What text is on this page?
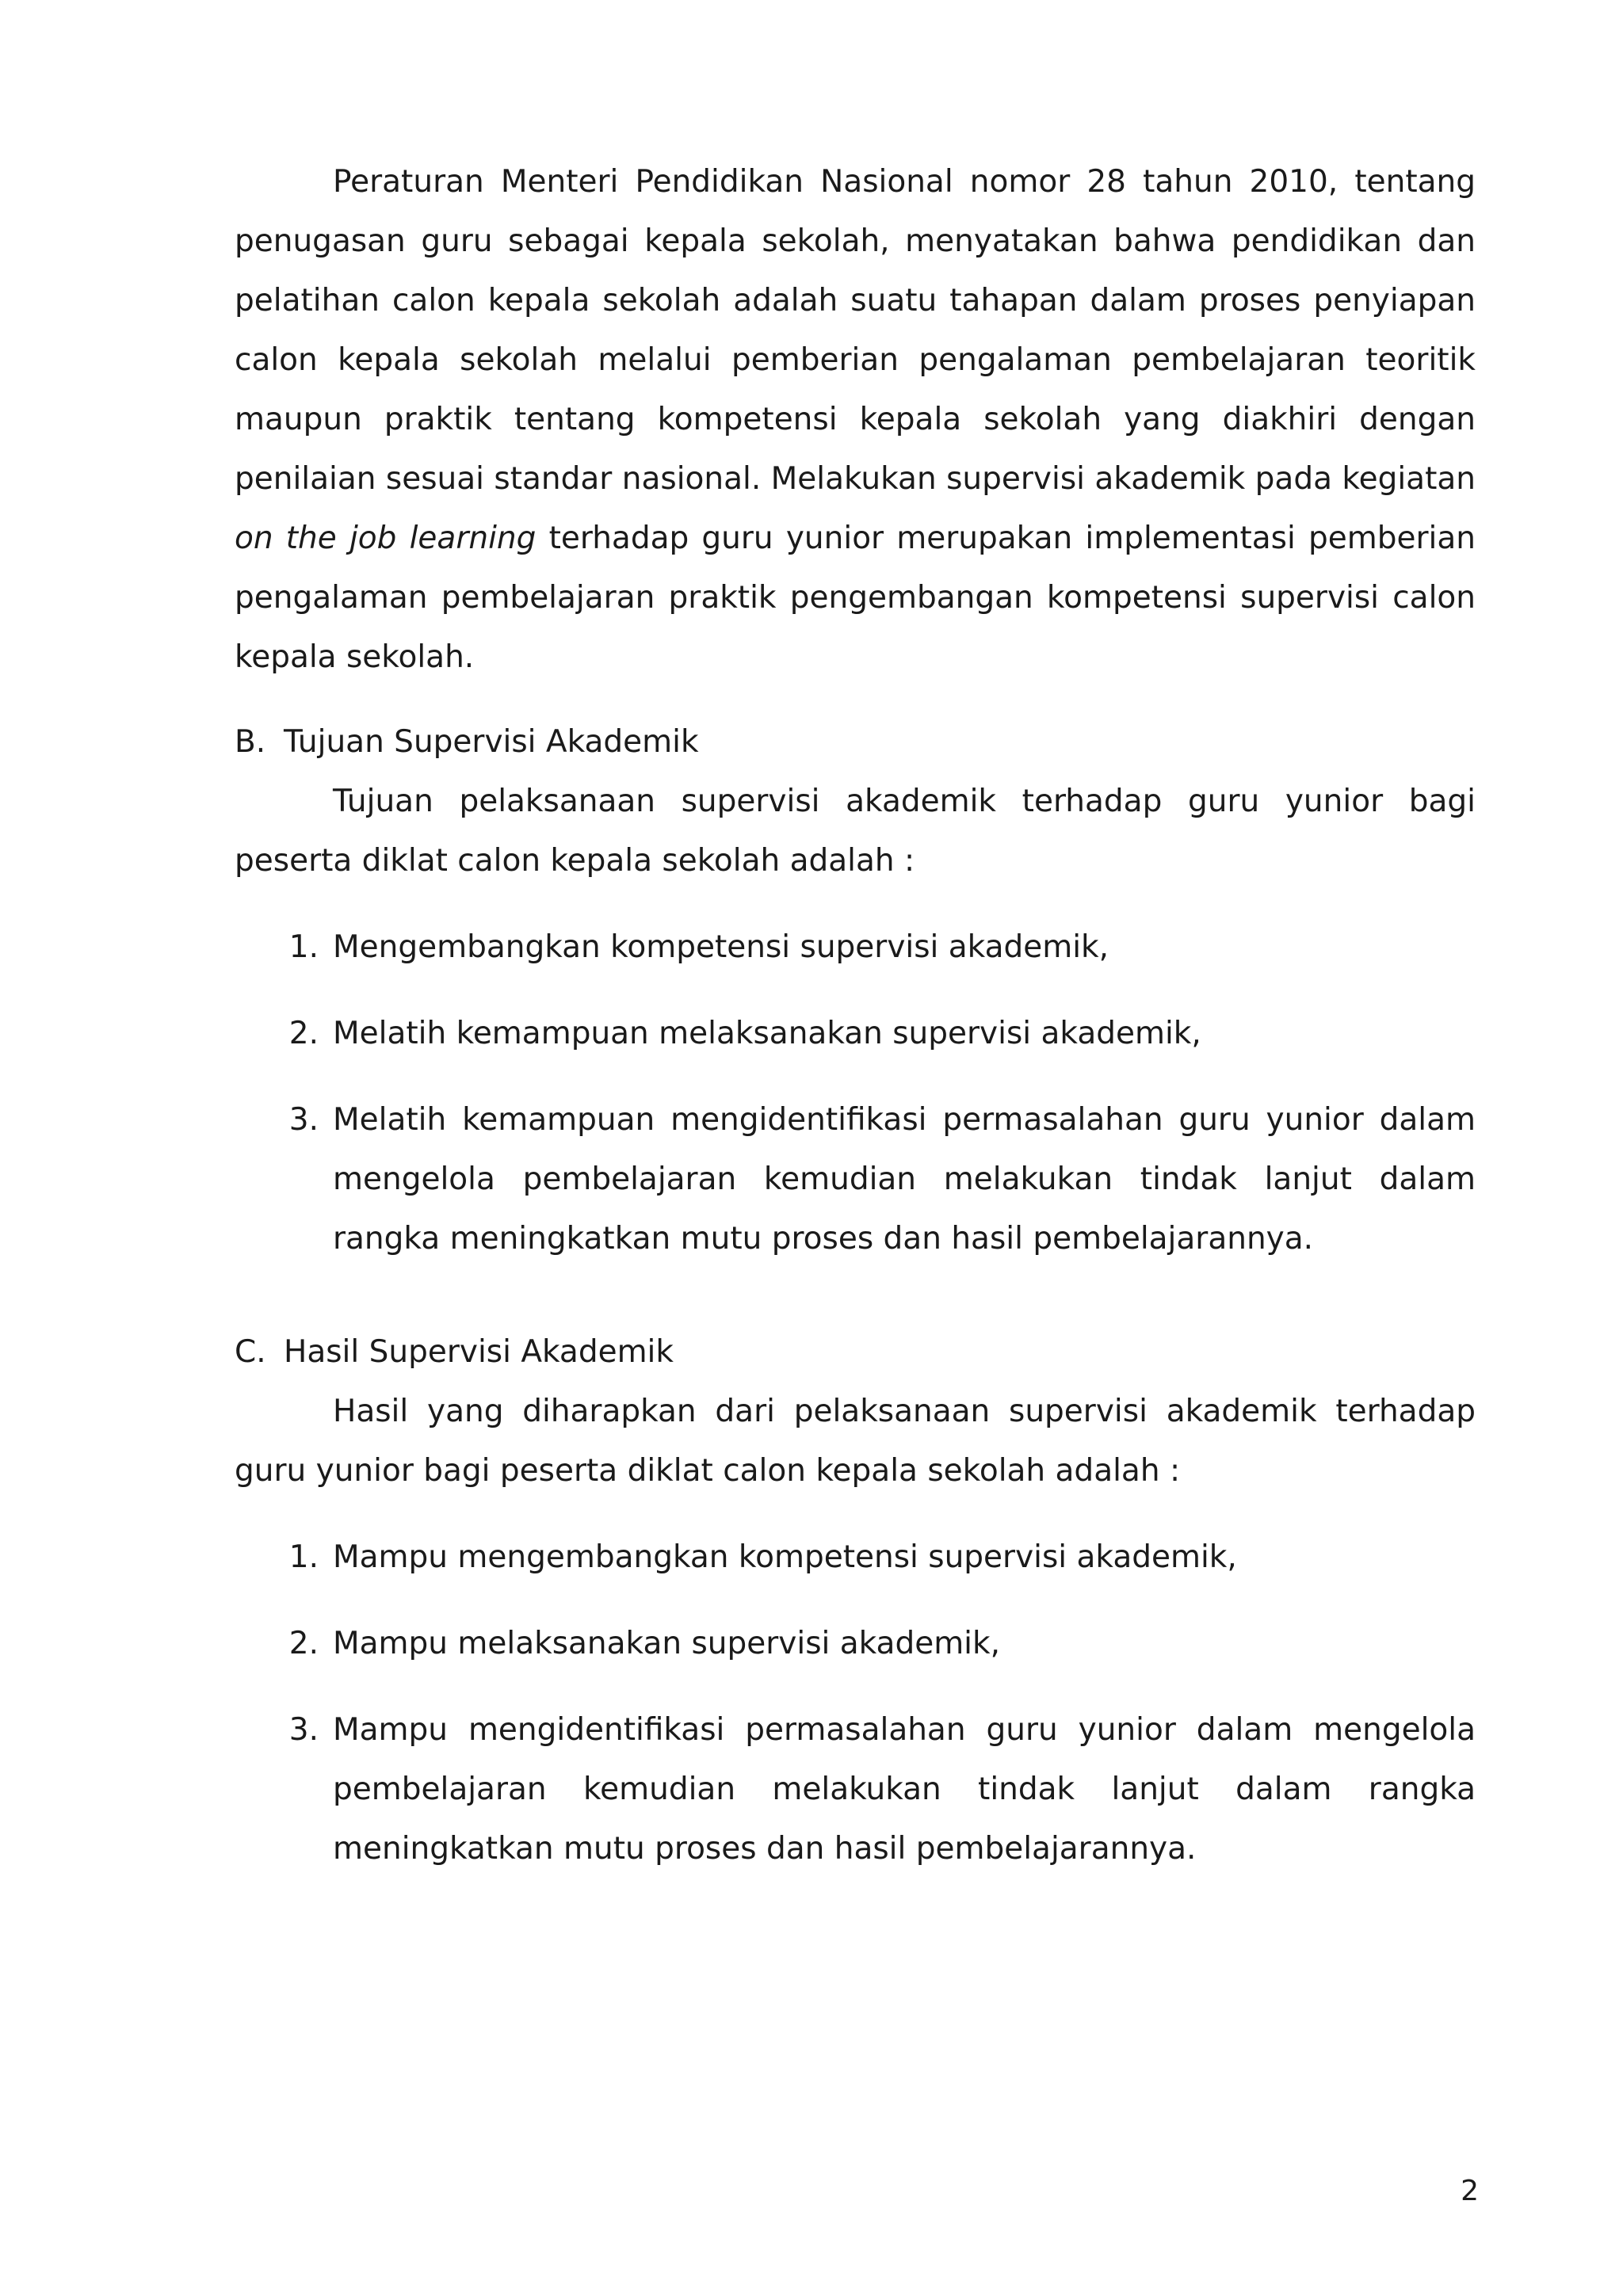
Peraturan Menteri Pendidikan Nasional nomor 28 tahun 2010, tentang penugasan guru sebagai kepala sekolah, menyatakan bahwa pendidikan dan pelatihan calon kepala sekolah adalah suatu tahapan dalam proses penyiapan calon kepala sekolah melalui pemberian pengalaman pembelajaran teoritik maupun praktik tentang kompetensi kepala sekolah yang diakhiri dengan penilaian sesuai standar nasional. Melakukan supervisi akademik pada kegiatan on the job learning terhadap guru yunior merupakan implementasi pemberian pengalaman pembelajaran praktik pengembangan kompetensi supervisi calon kepala sekolah.

B. Tujuan Supervisi Akademik

Tujuan pelaksanaan supervisi akademik terhadap guru yunior bagi peserta diklat calon kepala sekolah adalah :

1. Mengembangkan kompetensi supervisi akademik,
2. Melatih kemampuan melaksanakan supervisi akademik,
3. Melatih kemampuan mengidentifikasi permasalahan guru yunior dalam mengelola pembelajaran kemudian melakukan tindak lanjut dalam rangka meningkatkan mutu proses dan hasil pembelajarannya.
C. Hasil Supervisi Akademik

Hasil yang diharapkan dari pelaksanaan supervisi akademik terhadap guru yunior bagi peserta diklat calon kepala sekolah adalah :

1. Mampu mengembangkan kompetensi supervisi akademik,
2. Mampu melaksanakan supervisi akademik,
3. Mampu mengidentifikasi permasalahan guru yunior dalam mengelola pembelajaran kemudian melakukan tindak lanjut dalam rangka meningkatkan mutu proses dan hasil pembelajarannya.
2
